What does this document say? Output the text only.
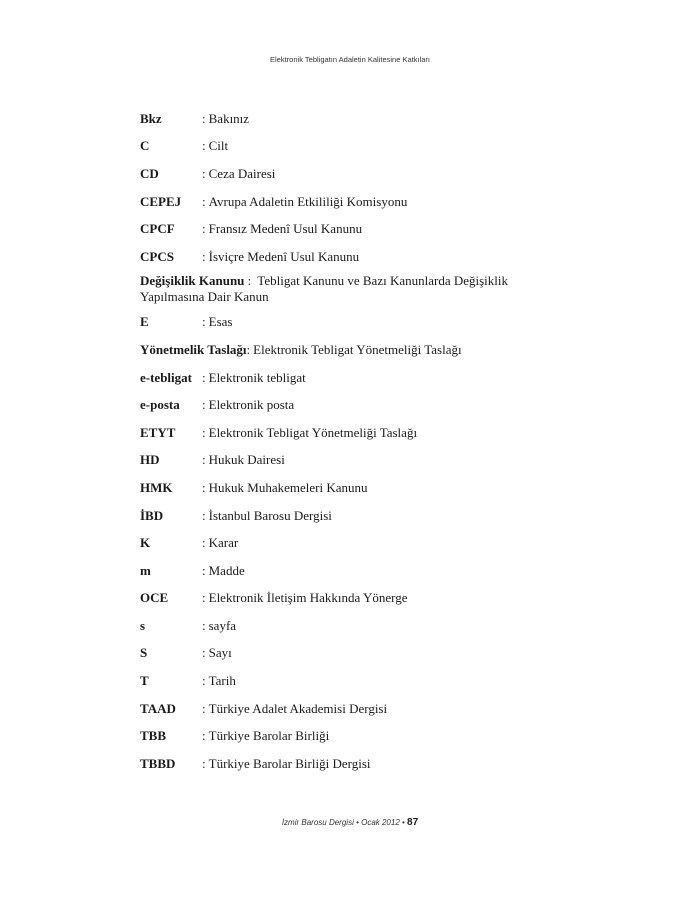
Elektronik Tebligatın Adaletin Kalitesine Katkıları
Bkz	: Bakınız
C	: Cilt
CD	: Ceza Dairesi
CEPEJ	: Avrupa Adaletin Etkililiği Komisyonu
CPCF	: Fransız Medenî Usul Kanunu
CPCS	: İsviçre Medenî Usul Kanunu
Değişiklik Kanunu : Tebligat Kanunu ve Bazı Kanunlarda Değişiklik Yapılmasına Dair Kanun
E	: Esas
Yönetmelik Taslağı : Elektronik Tebligat Yönetmeliği Taslağı
e-tebligat : Elektronik tebligat
e-posta	: Elektronik posta
ETYT	: Elektronik Tebligat Yönetmeliği Taslağı
HD	: Hukuk Dairesi
HMK	: Hukuk Muhakemeleri Kanunu
İBD	: İstanbul Barosu Dergisi
K	: Karar
m	: Madde
OCE	: Elektronik İletişim Hakkında Yönerge
s	: sayfa
S	: Sayı
T	: Tarih
TAAD	: Türkiye Adalet Akademisi Dergisi
TBB	: Türkiye Barolar Birliği
TBBD	: Türkiye Barolar Birliği Dergisi
İzmir Barosu Dergisi • Ocak 2012 • 87
